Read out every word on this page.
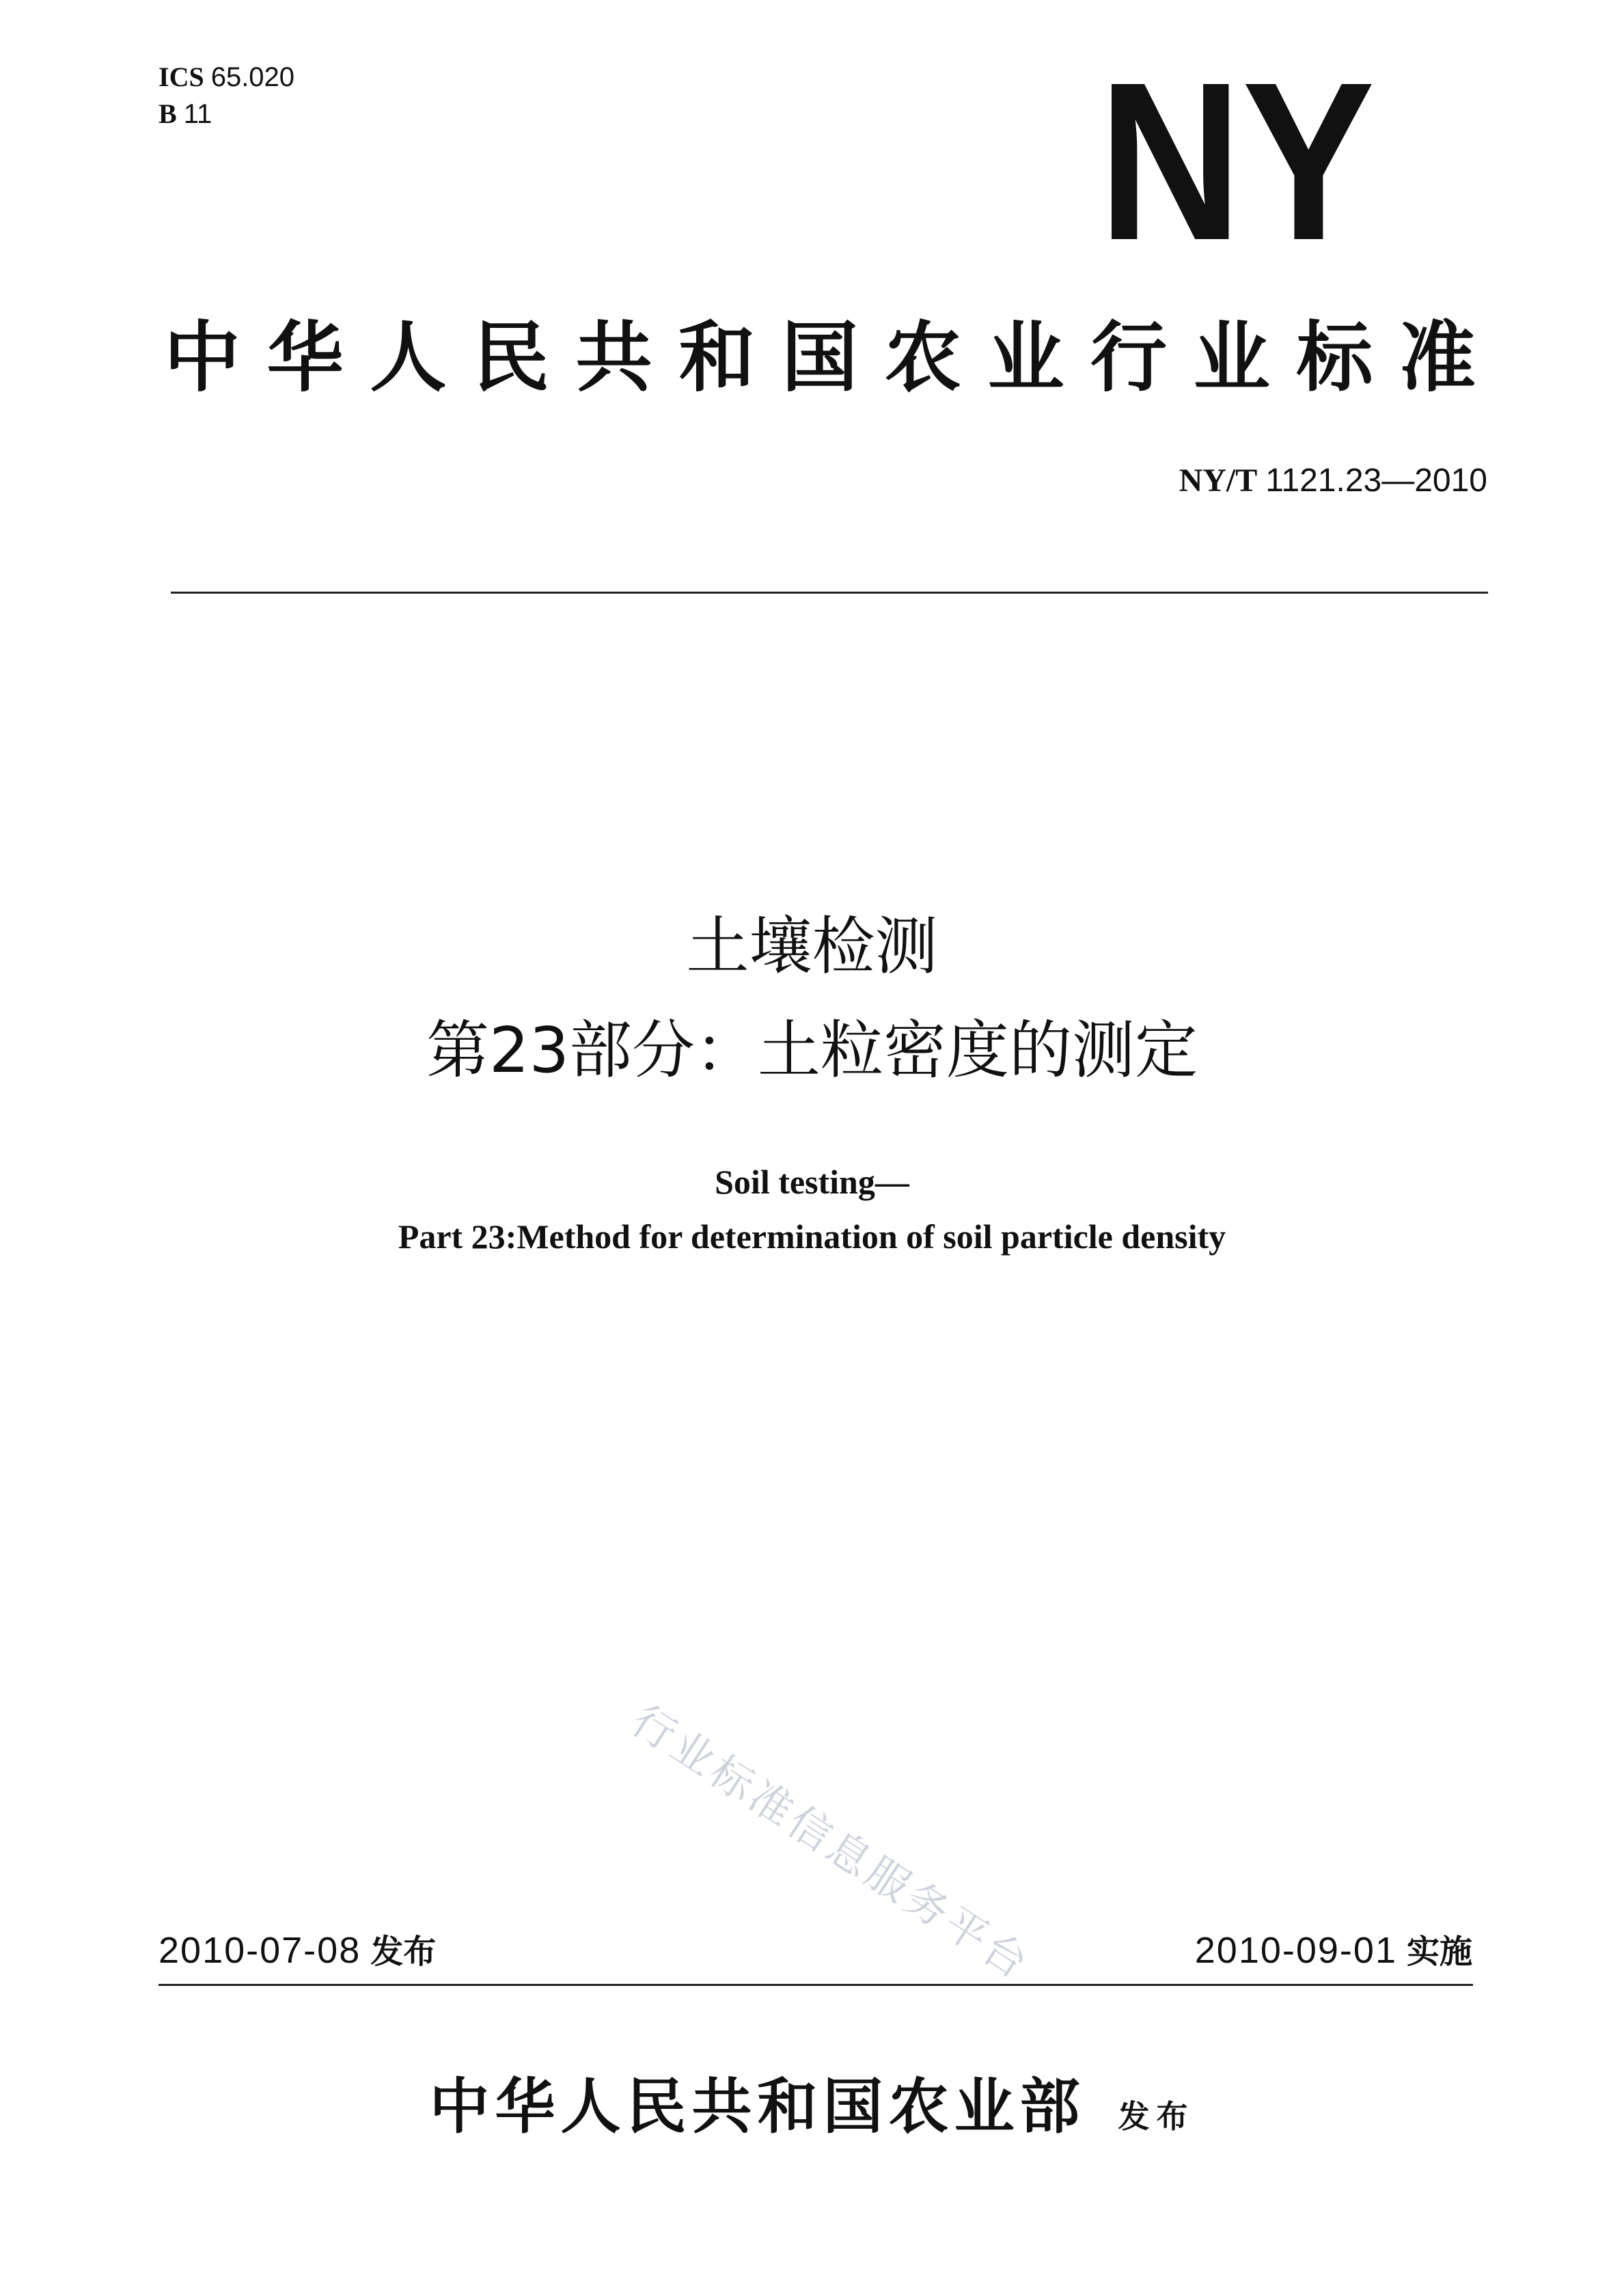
ICS 65.020
B 11	NY
中华人民共和国农业行业标准
NY/T 1121.23—2010
土壤检测
第23部分：土粒密度的测定
Soil testing—
Part 23:Method for determination of soil particle density
行业标准信息服务平台
2010-07-08 发布	2010-09-01 实施
中华人民共和国农业部 发布
